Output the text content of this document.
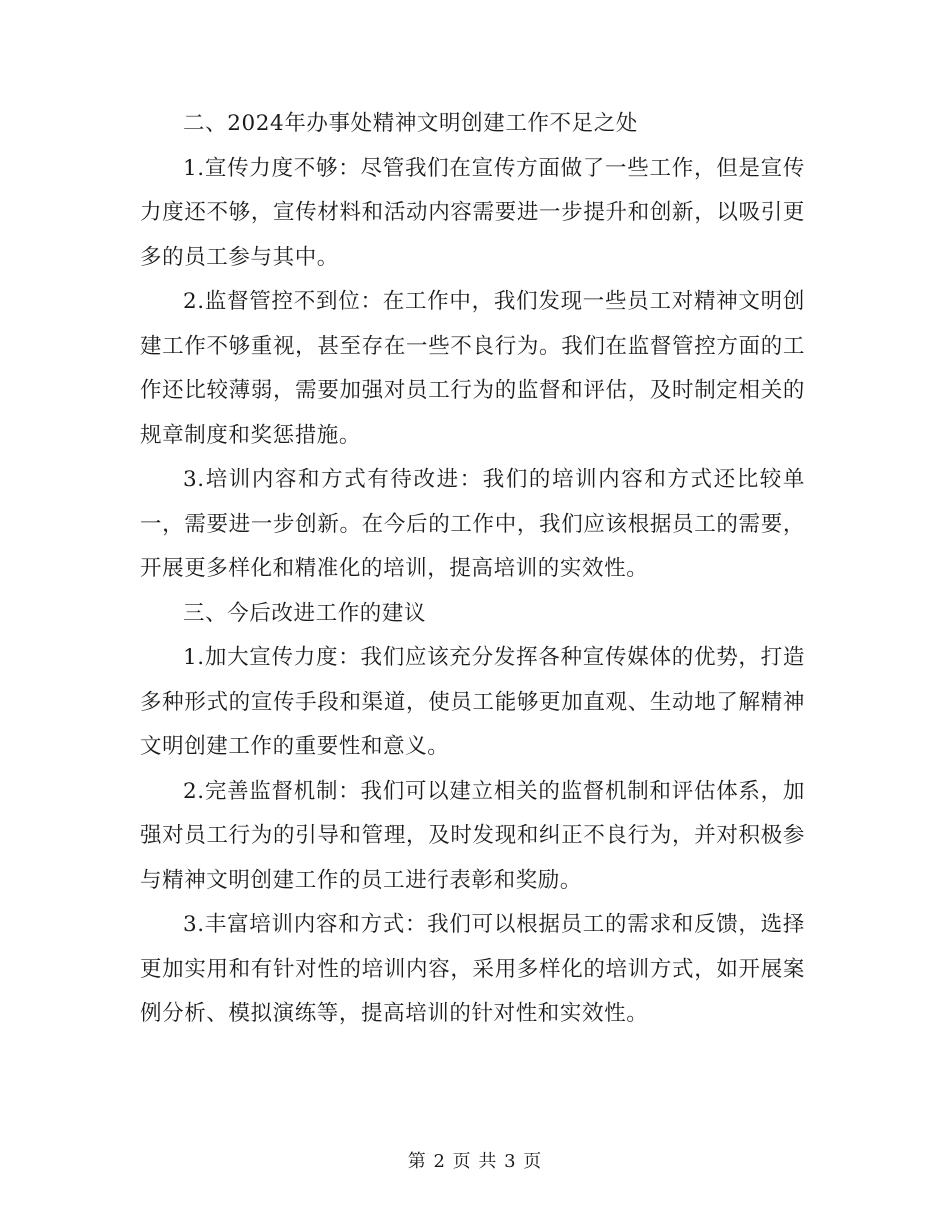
二、2024年办事处精神文明创建工作不足之处

1.宣传力度不够：尽管我们在宣传方面做了一些工作，但是宣传力度还不够，宣传材料和活动内容需要进一步提升和创新，以吸引更多的员工参与其中。

2.监督管控不到位：在工作中，我们发现一些员工对精神文明创建工作不够重视，甚至存在一些不良行为。我们在监督管控方面的工作还比较薄弱，需要加强对员工行为的监督和评估，及时制定相关的规章制度和奖惩措施。

3.培训内容和方式有待改进：我们的培训内容和方式还比较单一，需要进一步创新。在今后的工作中，我们应该根据员工的需要，开展更多样化和精准化的培训，提高培训的实效性。

三、今后改进工作的建议

1.加大宣传力度：我们应该充分发挥各种宣传媒体的优势，打造多种形式的宣传手段和渠道，使员工能够更加直观、生动地了解精神文明创建工作的重要性和意义。

2.完善监督机制：我们可以建立相关的监督机制和评估体系，加强对员工行为的引导和管理，及时发现和纠正不良行为，并对积极参与精神文明创建工作的员工进行表彰和奖励。

3.丰富培训内容和方式：我们可以根据员工的需求和反馈，选择更加实用和有针对性的培训内容，采用多样化的培训方式，如开展案例分析、模拟演练等，提高培训的针对性和实效性。

第 2 页 共 3 页
